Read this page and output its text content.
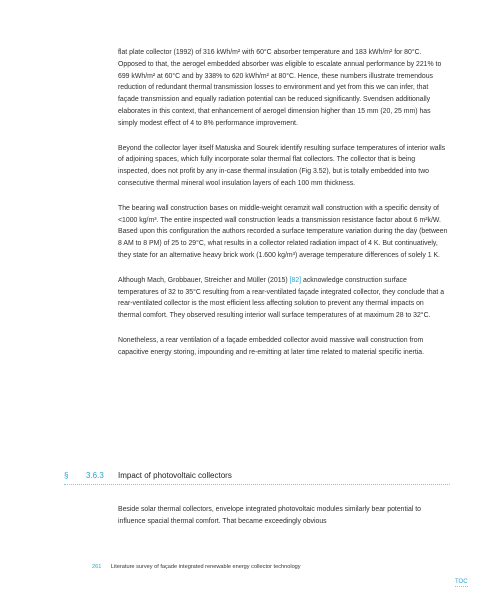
flat plate collector (1992) of 316 kWh/m² with 60°C absorber temperature and 183 kWh/m² for 80°C. Opposed to that, the aerogel embedded absorber was eligible to escalate annual performance by 221% to 699 kWh/m² at 60°C and by 338% to 620 kWh/m² at 80°C. Hence, these numbers illustrate tremendous reduction of redundant thermal transmission losses to environment and yet from this we can infer, that façade transmission and equally radiation potential can be reduced significantly. Svendsen additionally elaborates in this context, that enhancement of aerogel dimension higher than 15 mm (20, 25 mm) has simply modest effect of 4 to 8% performance improvement.

Beyond the collector layer itself Matuska and Sourek identify resulting surface temperatures of interior walls of adjoining spaces, which fully incorporate solar thermal flat collectors. The collector that is being inspected, does not profit by any in-case thermal insulation (Fig 3.52), but is totally embedded into two consecutive thermal mineral wool insulation layers of each 100 mm thickness.

The bearing wall construction bases on middle-weight ceramzit wall construction with a specific density of <1000 kg/m³. The entire inspected wall construction leads a transmission resistance factor about 6 m²k/W. Based upon this configuration the authors recorded a surface temperature variation during the day (between 8 AM to 8 PM) of 25 to 29°C, what results in a collector related radiation impact of 4 K. But continuatively, they state for an alternative heavy brick work (1.600 kg/m³) average temperature differences of solely 1 K.

Although Mach, Grobbauer, Streicher and Müller (2015) [82] acknowledge construction surface temperatures of 32 to 35°C resulting from a rear-ventilated façade integrated collector, they conclude that a rear-ventilated collector is the most efficient less affecting solution to prevent any thermal impacts on thermal comfort. They observed resulting interior wall surface temperatures of at maximum 28 to 32°C.

Nonetheless, a rear ventilation of a façade embedded collector avoid massive wall construction from capacitive energy storing, impounding and re-emitting at later time related to material specific inertia.

§ 3.6.3 Impact of photovoltaic collectors

Beside solar thermal collectors, envelope integrated photovoltaic modules similarly bear potential to influence spacial thermal comfort. That became exceedingly obvious

261 Literature survey of façade integrated renewable energy collector technology
TOC
